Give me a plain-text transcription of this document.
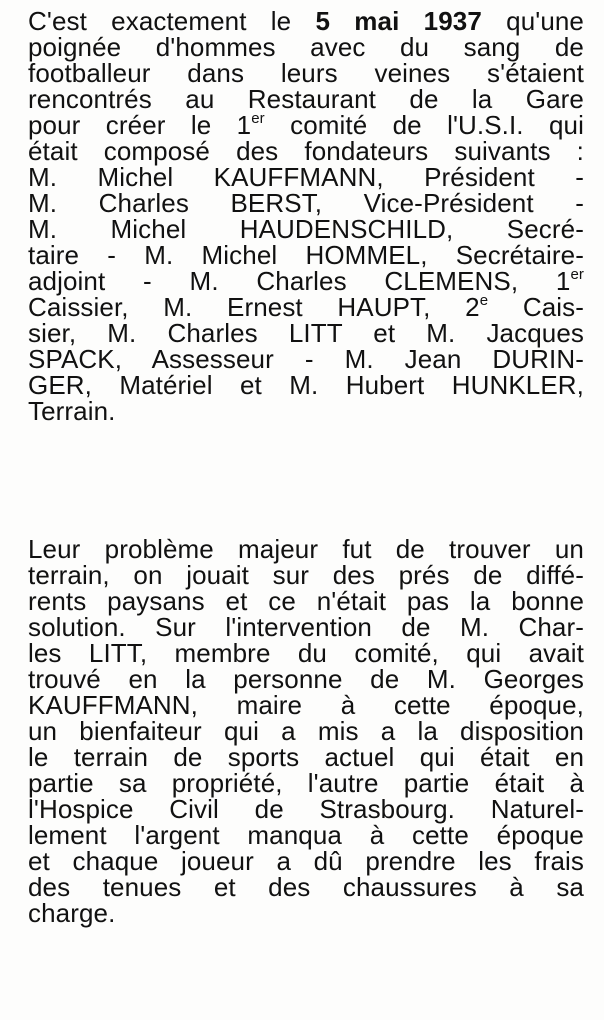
C'est exactement le 5 mai 1937 qu'une
poignée d'hommes avec du sang de
footballeur dans leurs veines s'étaient
rencontrés au Restaurant de la Gare
pour créer le 1er comité de l'U.S.I. qui
était composé des fondateurs suivants :
M. Michel KAUFFMANN, Président -
M. Charles BERST, Vice-Président -
M. Michel HAUDENSCHILD, Secré-
taire - M. Michel HOMMEL, Secrétaire-
adjoint - M. Charles CLEMENS, 1er
Caissier, M. Ernest HAUPT, 2e Cais-
sier, M. Charles LITT et M. Jacques
SPACK, Assesseur - M. Jean DURIN-
GER, Matériel et M. Hubert HUNKLER,
Terrain.

Leur problème majeur fut de trouver un
terrain, on jouait sur des prés de diffé-
rents paysans et ce n'était pas la bonne
solution. Sur l'intervention de M. Char-
les LITT, membre du comité, qui avait
trouvé en la personne de M. Georges
KAUFFMANN, maire à cette époque,
un bienfaiteur qui a mis a la disposition
le terrain de sports actuel qui était en
partie sa propriété, l'autre partie était à
l'Hospice Civil de Strasbourg. Naturel-
lement l'argent manqua à cette époque
et chaque joueur a dû prendre les frais
des tenues et des chaussures à sa
charge.
